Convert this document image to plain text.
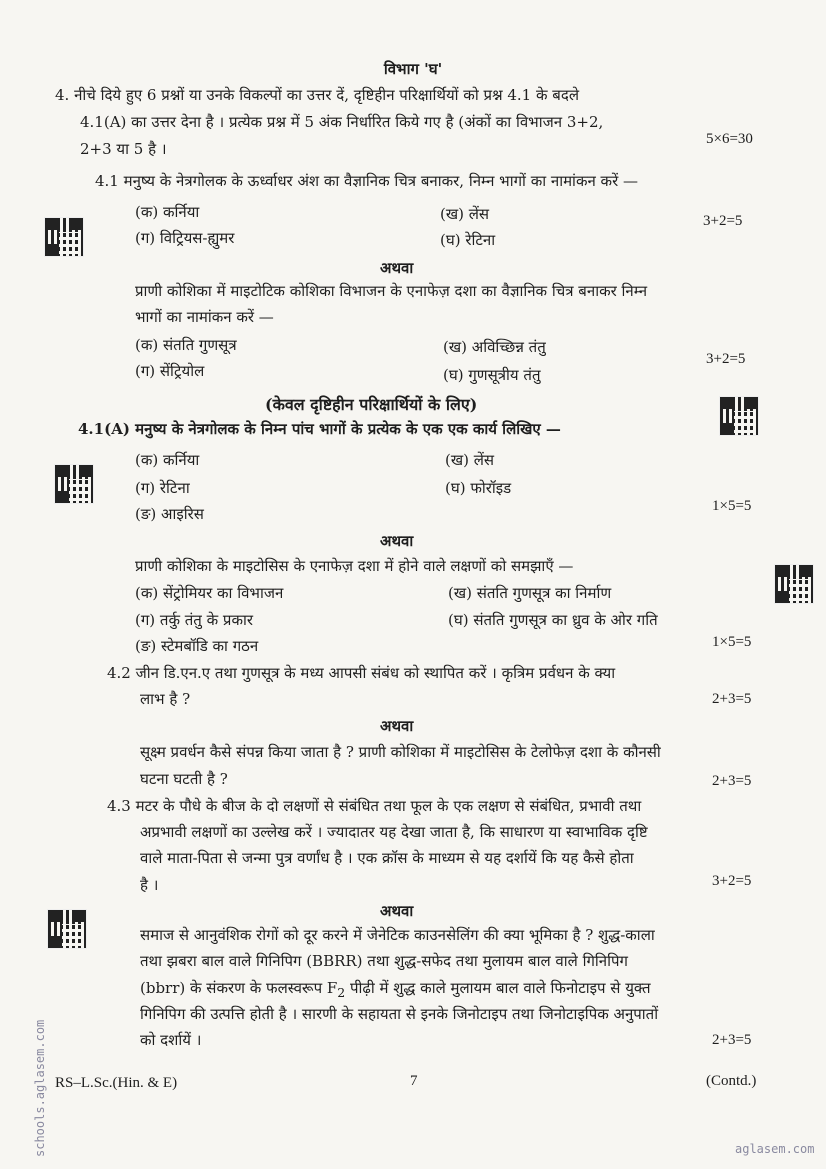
विभाग 'घ'
4. नीचे दिये हुए 6 प्रश्नों या उनके विकल्पों का उत्तर दें, दृष्टिहीन परिक्षार्थियों को प्रश्न 4.1 के बदले
4.1(A) का उत्तर देना है । प्रत्येक प्रश्न में 5 अंक निर्धारित किये गए है (अंकों का विभाजन 3+2,
5×6=30
2+3 या 5 है ।
4.1 मनुष्य के नेत्रगोलक के ऊर्ध्वाधर अंश का वैज्ञानिक चित्र बनाकर, निम्न भागों का नामांकन करें —
(क) कर्निया	(ख) लेंस	3+2=5
(ग) विट्रियस-ह्युमर	(घ) रेटिना
अथवा
प्राणी कोशिका में माइटोटिक कोशिका विभाजन के एनाफेज़ दशा का वैज्ञानिक चित्र बनाकर निम्न
भागों का नामांकन करें —
(क) संतति गुणसूत्र	(ख) अविच्छिन्न तंतु
3+2=5
(ग) सेंट्रियोल	(घ) गुणसूत्रीय तंतु
(केवल दृष्टिहीन परिक्षार्थियों के लिए)
4.1(A) मनुष्य के नेत्रगोलक के निम्न पांच भागों के प्रत्येक के एक एक कार्य लिखिए —
(क) कर्निया	(ख) लेंस
(ग) रेटिना	(घ) फोरॉइड
1×5=5
(ङ) आइरिस
अथवा
प्राणी कोशिका के माइटोसिस के एनाफेज़ दशा में होने वाले लक्षणों को समझाएँ —
(क) सेंट्रोमियर का विभाजन	(ख) संतति गुणसूत्र का निर्माण
(ग) तर्कु तंतु के प्रकार	(घ) संतति गुणसूत्र का ध्रुव के ओर गति
(ङ) स्टेमबॉडि का गठन	1×5=5
4.2 जीन डि.एन.ए तथा गुणसूत्र के मध्य आपसी संबंध को स्थापित करें । कृत्रिम प्रर्वधन के क्या
लाभ है ?	2+3=5
अथवा
सूक्ष्म प्रवर्धन कैसे संपन्न किया जाता है ? प्राणी कोशिका में माइटोसिस के टेलोफेज़ दशा के कौनसी
घटना घटती है ?	2+3=5
4.3 मटर के पौधे के बीज के दो लक्षणों से संबंधित तथा फूल के एक लक्षण से संबंधित, प्रभावी तथा
अप्रभावी लक्षणों का उल्लेख करें । ज्यादातर यह देखा जाता है, कि साधारण या स्वाभाविक दृष्टि
वाले माता-पिता से जन्मा पुत्र वर्णांध है । एक क्रॉस के माध्यम से यह दर्शायें कि यह कैसे होता
है ।	3+2=5
अथवा
समाज से आनुवंशिक रोगों को दूर करने में जेनेटिक काउनसेलिंग की क्या भूमिका है ? शुद्ध-काला
तथा झबरा बाल वाले गिनिपिग (BBRR) तथा शुद्ध-सफेद तथा मुलायम बाल वाले गिनिपिग
(bbrr) के संकरण के फलस्वरूप $F_2$ पीढ़ी में शुद्ध काले मुलायम बाल वाले फिनोटाइप से युक्त
गिनिपिग की उत्पत्ति होती है । सारणी के सहायता से इनके जिनोटाइप तथा जिनोटाइपिक अनुपातों
को दर्शायें ।	2+3=5
RS–L.Sc.(Hin. & E)	7	(Contd.)
schools.aglasem.com	aglasem.com
